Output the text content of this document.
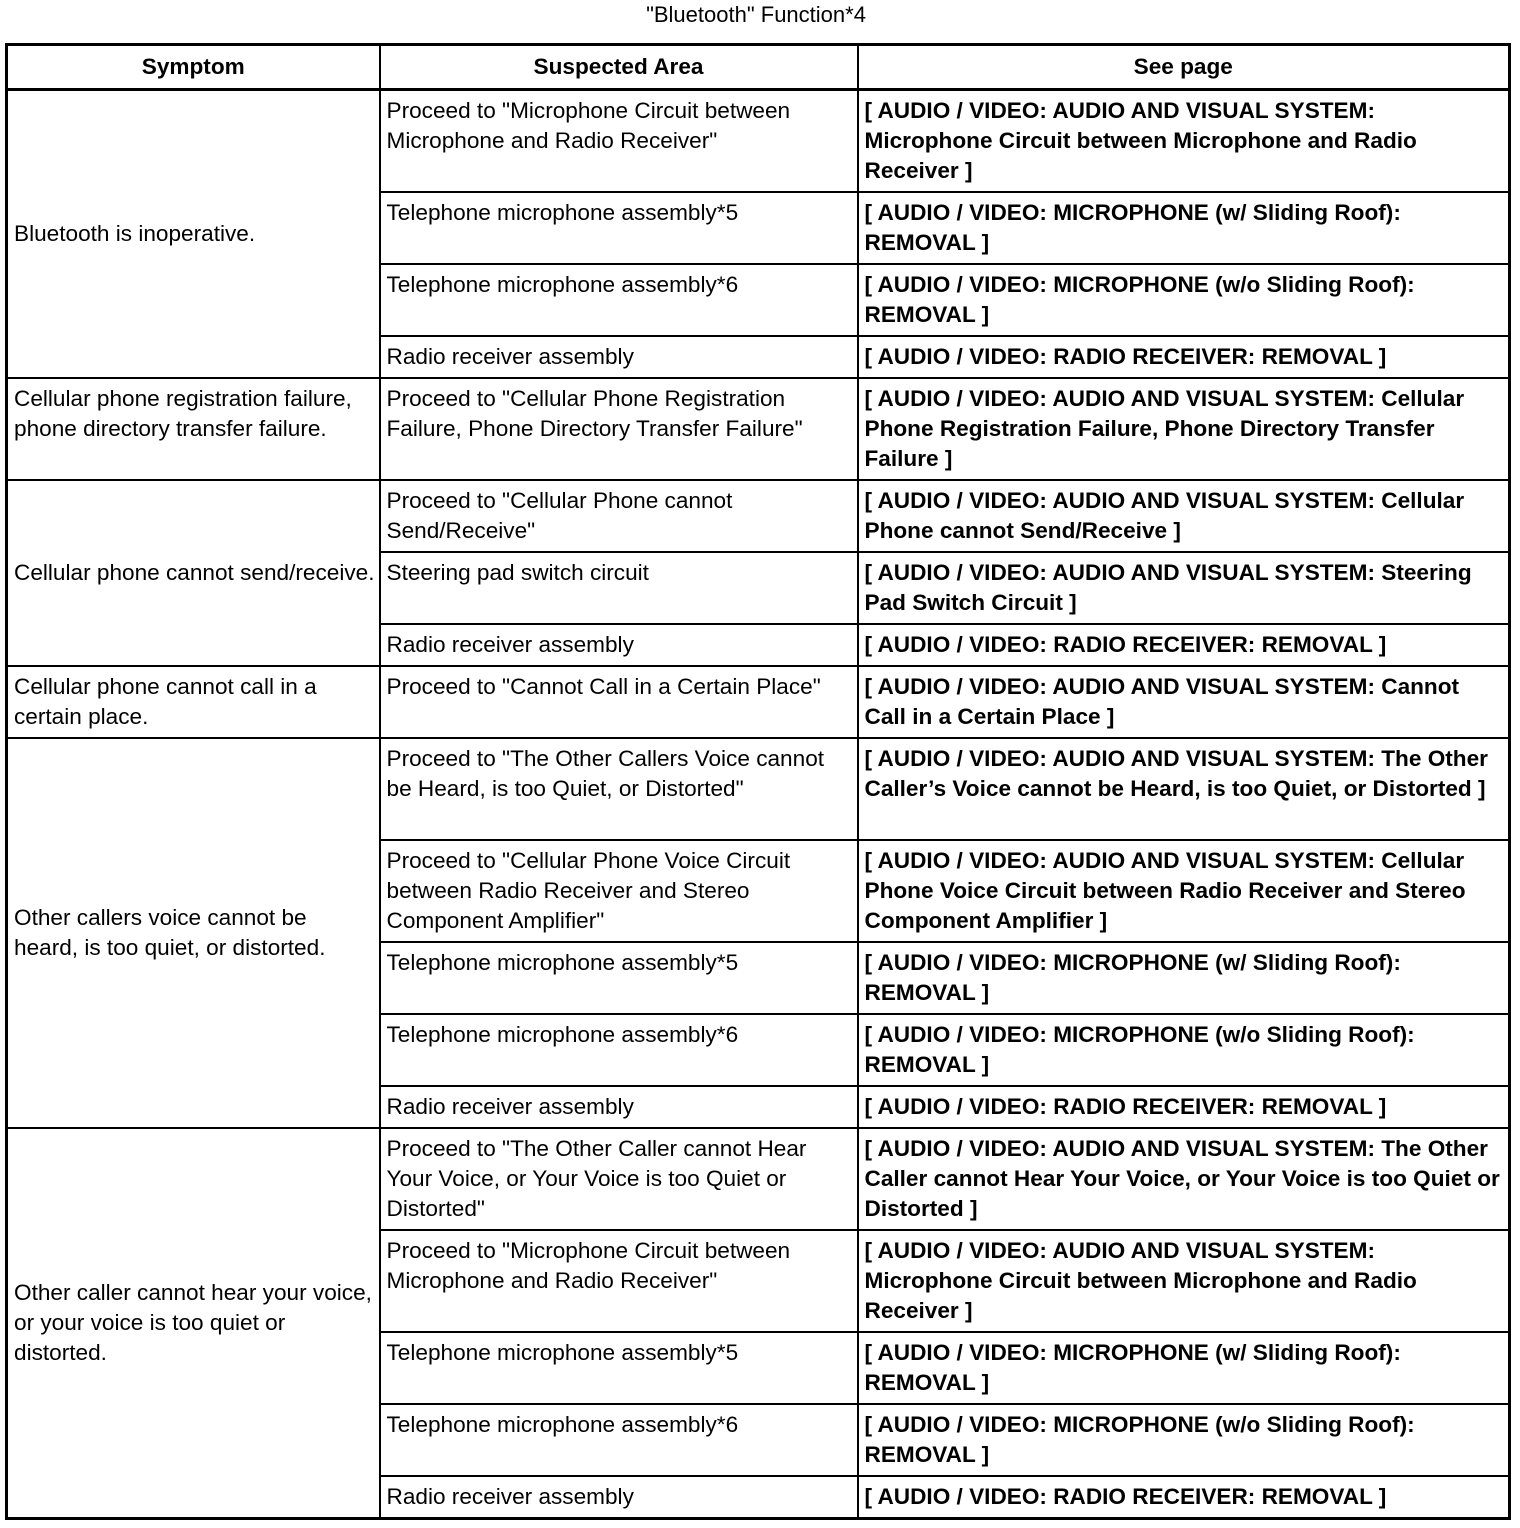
"Bluetooth" Function*4
Symptom	Suspected Area	See page
Bluetooth is inoperative.	Proceed to "Microphone Circuit between Microphone and Radio Receiver"	[ AUDIO / VIDEO: AUDIO AND VISUAL SYSTEM: Microphone Circuit between Microphone and Radio Receiver ]
	Telephone microphone assembly*5	[ AUDIO / VIDEO: MICROPHONE (w/ Sliding Roof): REMOVAL ]
	Telephone microphone assembly*6	[ AUDIO / VIDEO: MICROPHONE (w/o Sliding Roof): REMOVAL ]
	Radio receiver assembly	[ AUDIO / VIDEO: RADIO RECEIVER: REMOVAL ]
Cellular phone registration failure, phone directory transfer failure.	Proceed to "Cellular Phone Registration Failure, Phone Directory Transfer Failure"	[ AUDIO / VIDEO: AUDIO AND VISUAL SYSTEM: Cellular Phone Registration Failure, Phone Directory Transfer Failure ]
Cellular phone cannot send/receive.	Proceed to "Cellular Phone cannot Send/Receive"	[ AUDIO / VIDEO: AUDIO AND VISUAL SYSTEM: Cellular Phone cannot Send/Receive ]
	Steering pad switch circuit	[ AUDIO / VIDEO: AUDIO AND VISUAL SYSTEM: Steering Pad Switch Circuit ]
	Radio receiver assembly	[ AUDIO / VIDEO: RADIO RECEIVER: REMOVAL ]
Cellular phone cannot call in a certain place.	Proceed to "Cannot Call in a Certain Place"	[ AUDIO / VIDEO: AUDIO AND VISUAL SYSTEM: Cannot Call in a Certain Place ]
Other callers voice cannot be heard, is too quiet, or distorted.	Proceed to "The Other Callers Voice cannot be Heard, is too Quiet, or Distorted"	[ AUDIO / VIDEO: AUDIO AND VISUAL SYSTEM: The Other Caller’s Voice cannot be Heard, is too Quiet, or Distorted ]
	Proceed to "Cellular Phone Voice Circuit between Radio Receiver and Stereo Component Amplifier"	[ AUDIO / VIDEO: AUDIO AND VISUAL SYSTEM: Cellular Phone Voice Circuit between Radio Receiver and Stereo Component Amplifier ]
	Telephone microphone assembly*5	[ AUDIO / VIDEO: MICROPHONE (w/ Sliding Roof): REMOVAL ]
	Telephone microphone assembly*6	[ AUDIO / VIDEO: MICROPHONE (w/o Sliding Roof): REMOVAL ]
	Radio receiver assembly	[ AUDIO / VIDEO: RADIO RECEIVER: REMOVAL ]
Other caller cannot hear your voice, or your voice is too quiet or distorted.	Proceed to "The Other Caller cannot Hear Your Voice, or Your Voice is too Quiet or Distorted"	[ AUDIO / VIDEO: AUDIO AND VISUAL SYSTEM: The Other Caller cannot Hear Your Voice, or Your Voice is too Quiet or Distorted ]
	Proceed to "Microphone Circuit between Microphone and Radio Receiver"	[ AUDIO / VIDEO: AUDIO AND VISUAL SYSTEM: Microphone Circuit between Microphone and Radio Receiver ]
	Telephone microphone assembly*5	[ AUDIO / VIDEO: MICROPHONE (w/ Sliding Roof): REMOVAL ]
	Telephone microphone assembly*6	[ AUDIO / VIDEO: MICROPHONE (w/o Sliding Roof): REMOVAL ]
	Radio receiver assembly	[ AUDIO / VIDEO: RADIO RECEIVER: REMOVAL ]
